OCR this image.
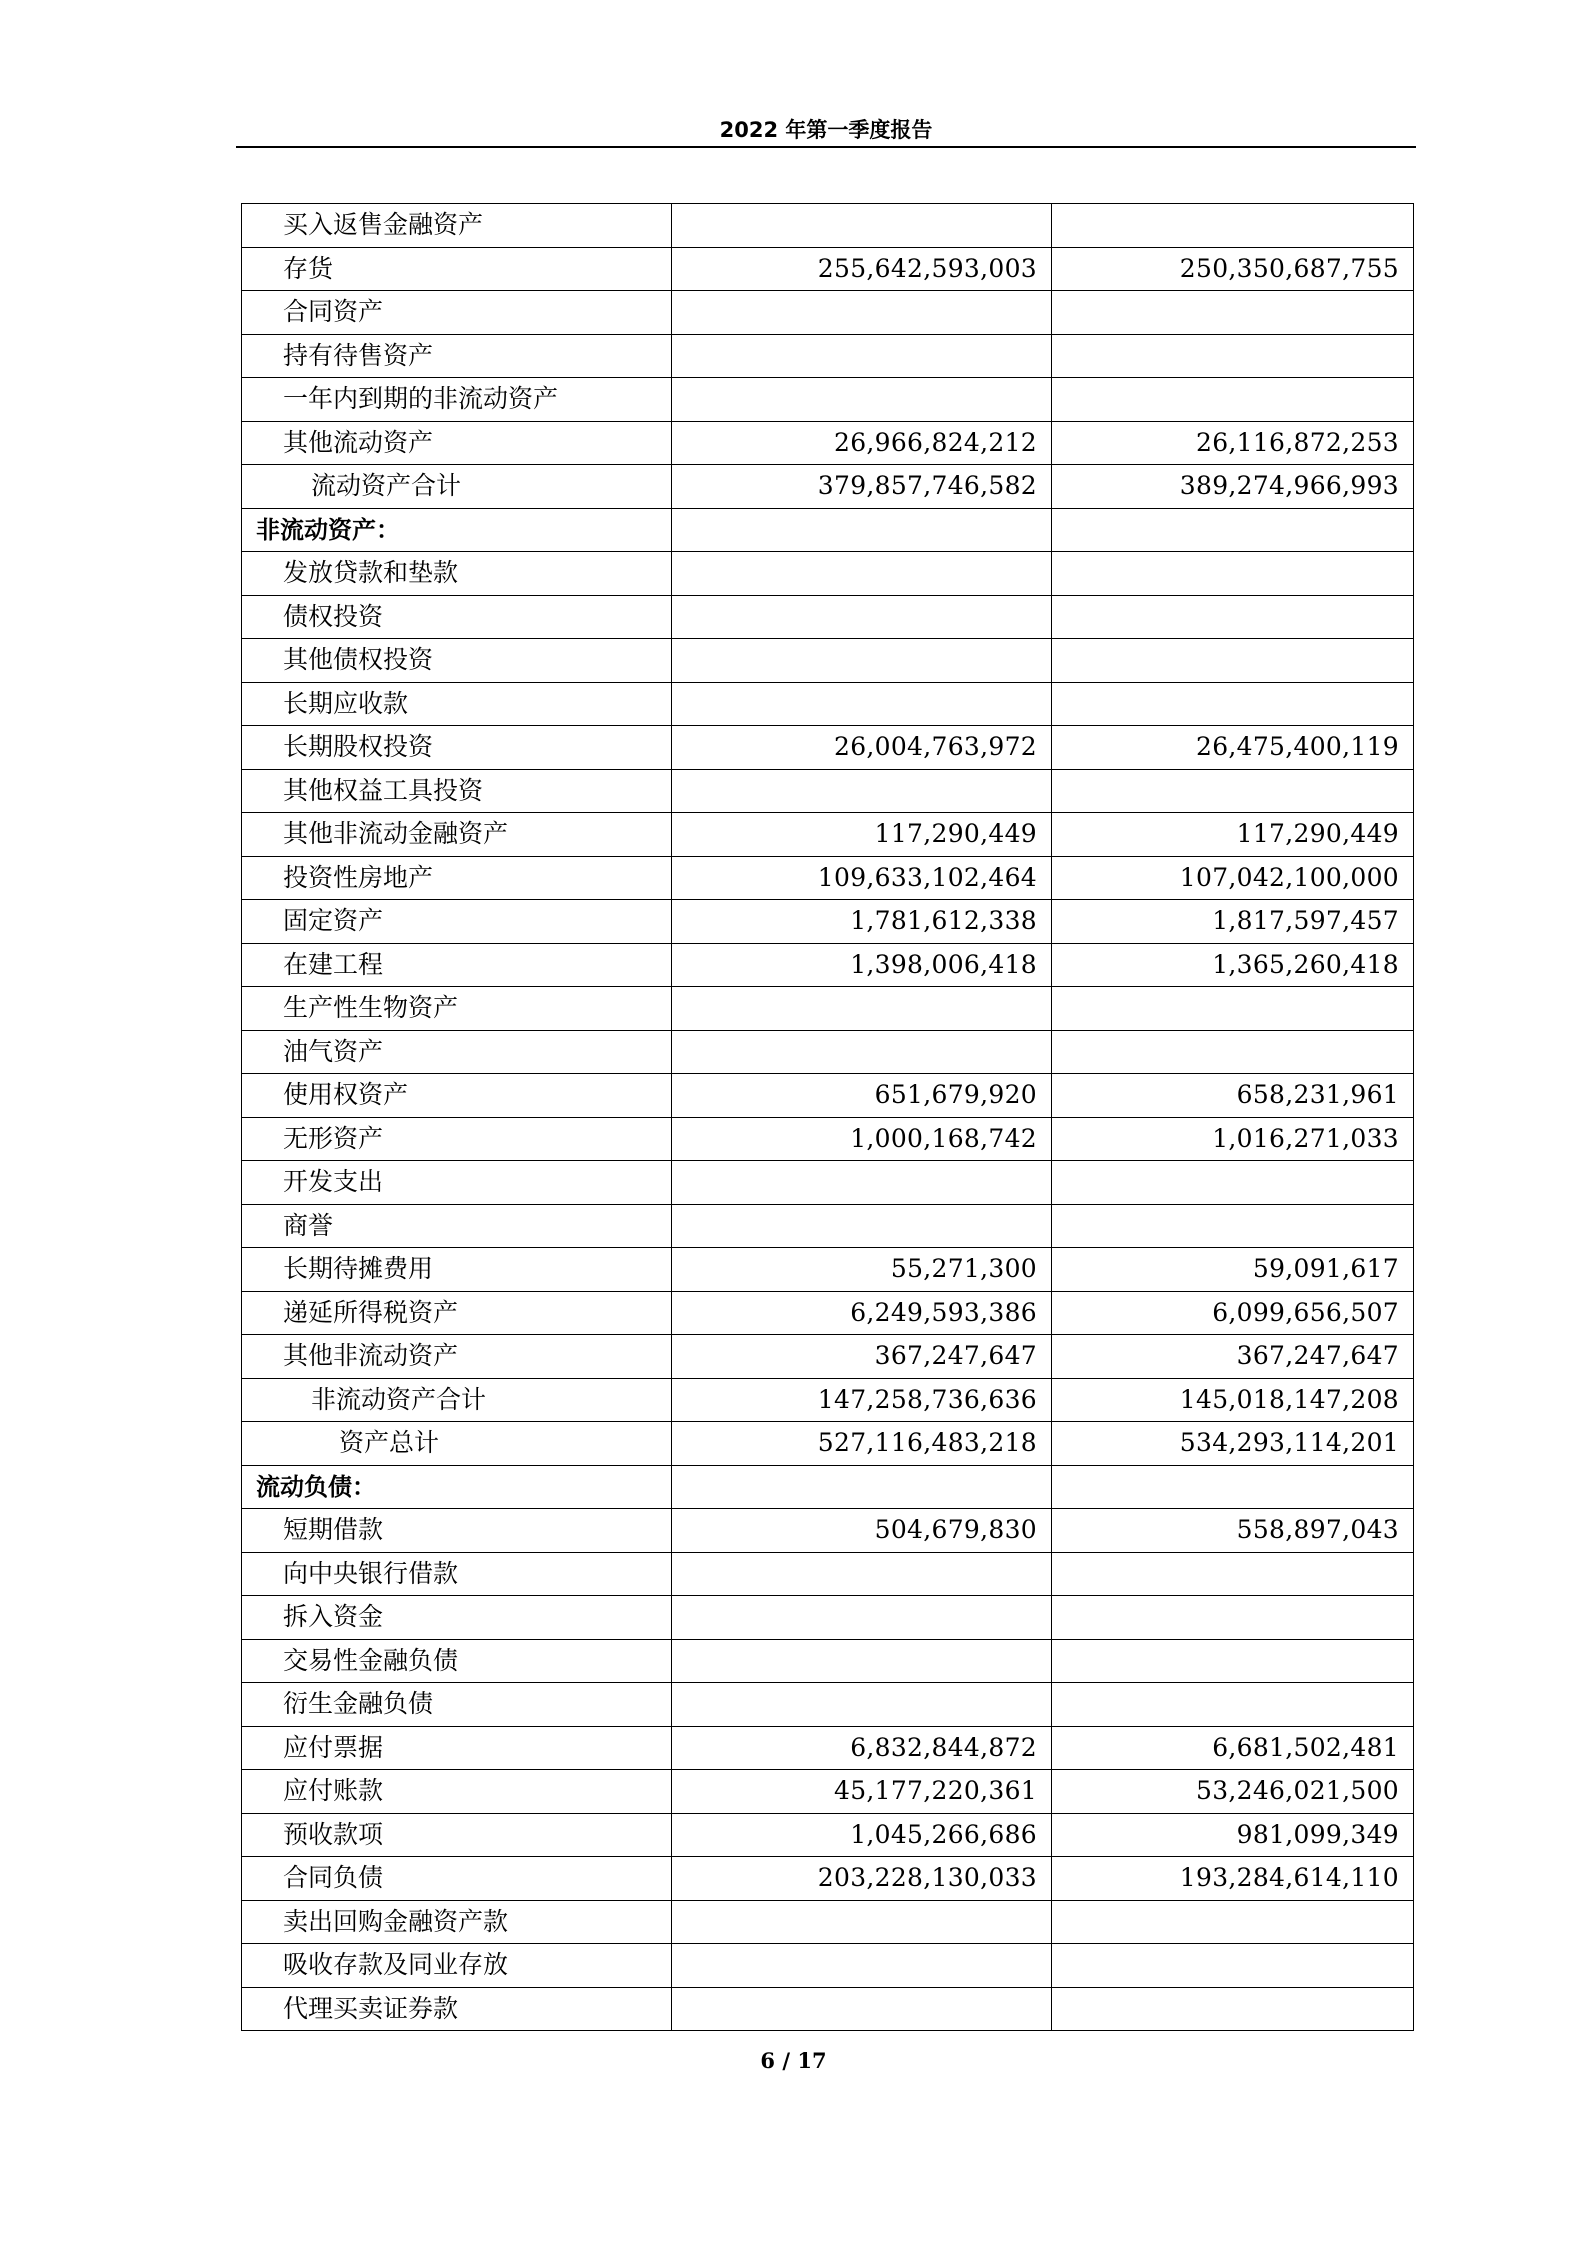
2022 年第一季度报告
买入返售金融资产		
存货	255,642,593,003	250,350,687,755
合同资产		
持有待售资产		
一年内到期的非流动资产		
其他流动资产	26,966,824,212	26,116,872,253
流动资产合计	379,857,746,582	389,274,966,993
非流动资产：		
发放贷款和垫款		
债权投资		
其他债权投资		
长期应收款		
长期股权投资	26,004,763,972	26,475,400,119
其他权益工具投资		
其他非流动金融资产	117,290,449	117,290,449
投资性房地产	109,633,102,464	107,042,100,000
固定资产	1,781,612,338	1,817,597,457
在建工程	1,398,006,418	1,365,260,418
生产性生物资产		
油气资产		
使用权资产	651,679,920	658,231,961
无形资产	1,000,168,742	1,016,271,033
开发支出		
商誉		
长期待摊费用	55,271,300	59,091,617
递延所得税资产	6,249,593,386	6,099,656,507
其他非流动资产	367,247,647	367,247,647
非流动资产合计	147,258,736,636	145,018,147,208
资产总计	527,116,483,218	534,293,114,201
流动负债：		
短期借款	504,679,830	558,897,043
向中央银行借款		
拆入资金		
交易性金融负债		
衍生金融负债		
应付票据	6,832,844,872	6,681,502,481
应付账款	45,177,220,361	53,246,021,500
预收款项	1,045,266,686	981,099,349
合同负债	203,228,130,033	193,284,614,110
卖出回购金融资产款		
吸收存款及同业存放		
代理买卖证券款		
6 / 17
